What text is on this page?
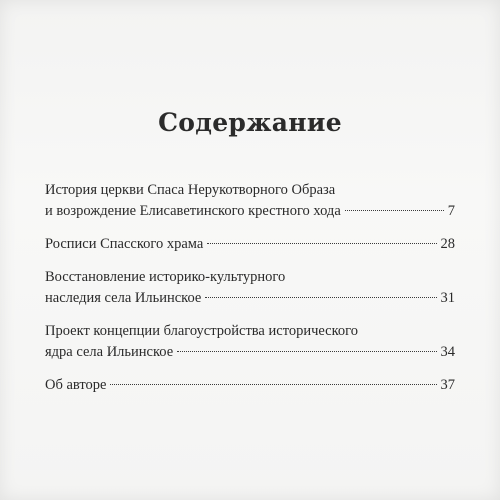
Содержание
История церкви Спаса Нерукотворного Образа
и возрождение Елисаветинского крестного хода	7
Росписи Спасского храма	28
Восстановление историко-культурного
наследия села Ильинское	31
Проект концепции благоустройства исторического
ядра села Ильинское	34
Об авторе	37
